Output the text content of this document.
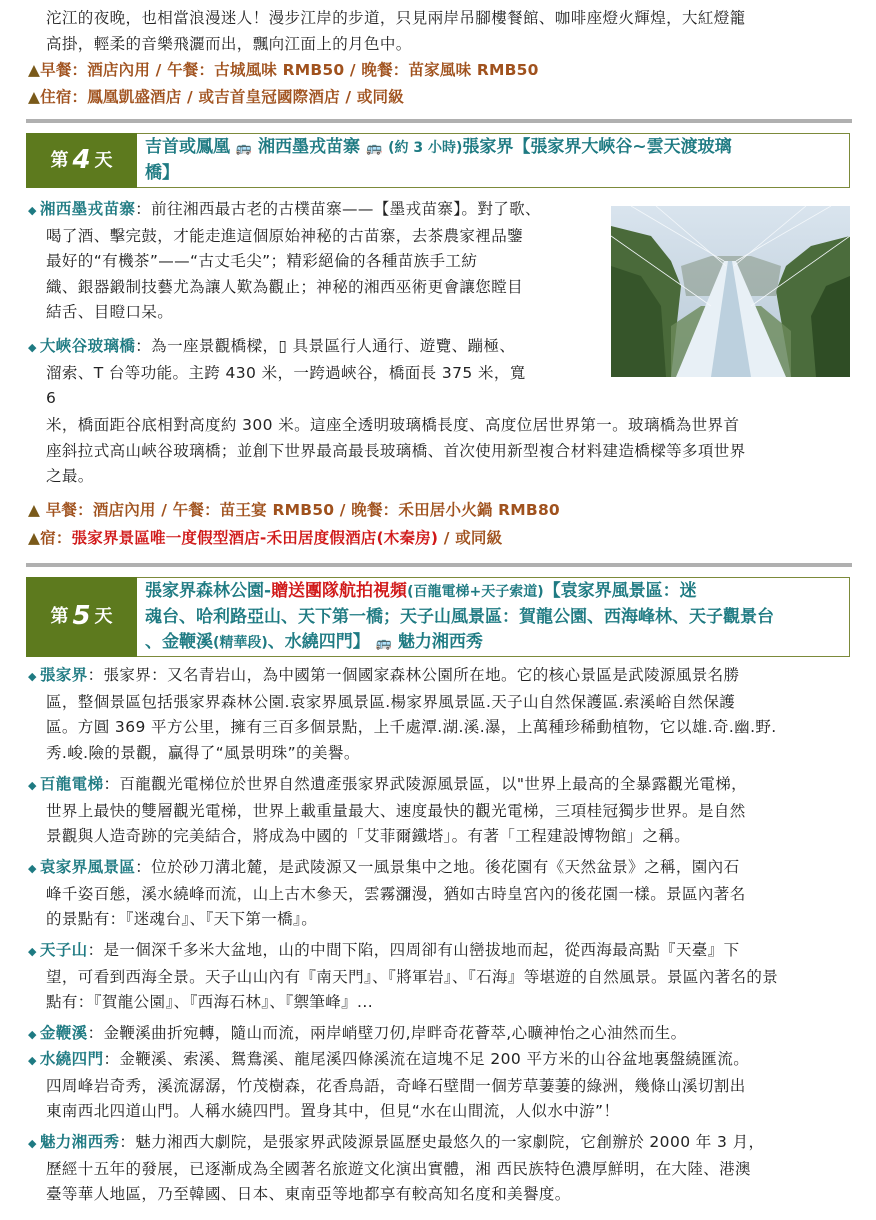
沱江的夜晚，也相當浪漫迷人！漫步江岸的步道，只見兩岸吊腳樓餐館、咖啡座燈火輝煌，大紅燈籠

高掛，輕柔的音樂飛灑而出，飄向江面上的月色中。

▲早餐：酒店內用 / 午餐：古城風味 RMB50 / 晚餐：苗家風味 RMB50

▲住宿：鳳凰凱盛酒店 / 或吉首皇冠國際酒店 / 或同級

第 4 天
吉首或鳳凰 🚌 湘西墨戎苗寨 🚌 (約 3 小時)張家界【張家界大峽谷~雲天渡玻璃
橋】
◆ 湘西墨戎苗寨：前往湘西最古老的古樸苗寨——【墨戎苗寨】。對了歌、
喝了酒、擊完鼓，才能走進這個原始神秘的古苗寨，去茶農家裡品鑒
最好的“有機茶”——“古丈毛尖”；精彩絕倫的各種苗族手工紡
織、銀器鍛制技藝尤為讓人歎為觀止；神秘的湘西巫術更會讓您瞠目
結舌、目瞪口呆。
◆ 大峽谷玻璃橋：為一座景觀橋樑，▯ 具景區行人通行、遊覽、蹦極、
溜索、T 台等功能。主跨 430 米，一跨過峽谷，橋面長 375 米，寬
6
米，橋面距谷底相對高度約 300 米。這座全透明玻璃橋長度、高度位居世界第一。玻璃橋為世界首
座斜拉式高山峽谷玻璃橋；並創下世界最高最長玻璃橋、首次使用新型複合材料建造橋樑等多項世界
之最。

▲ 早餐：酒店內用 / 午餐：苗王宴 RMB50 / 晚餐：禾田居小火鍋 RMB80

▲宿：張家界景區唯一度假型酒店-禾田居度假酒店(木秦房) / 或同級

第 5 天
張家界森林公園-贈送團隊航拍視頻(百龍電梯+天子索道)【袁家界風景區：迷
魂台、哈利路亞山、天下第一橋；天子山風景區：賀龍公園、西海峰林、天子觀景台
、金鞭溪(精華段)、水繞四門】 🚌 魅力湘西秀
◆ 張家界：張家界：又名青岩山，為中國第一個國家森林公園所在地。它的核心景區是武陵源風景名勝
區，整個景區包括張家界森林公園.袁家界風景區.楊家界風景區.天子山自然保護區.索溪峪自然保護
區。方圓 369 平方公里，擁有三百多個景點，上千處潭.湖.溪.瀑，上萬種珍稀動植物，它以雄.奇.幽.野.
秀.峻.險的景觀，贏得了“風景明珠”的美譽。
◆ 百龍電梯：百龍觀光電梯位於世界自然遺產張家界武陵源風景區，以"世界上最高的全暴露觀光電梯，
世界上最快的雙層觀光電梯，世界上載重量最大、速度最快的觀光電梯，三項桂冠獨步世界。是自然
景觀與人造奇跡的完美結合，將成為中國的「艾菲爾鐵塔」。有著「工程建設博物館」之稱。
◆ 袁家界風景區：位於砂刀溝北麓，是武陵源又一風景集中之地。後花園有《天然盆景》之稱，園內石
峰千姿百態，溪水繞峰而流，山上古木參天，雲霧瀰漫，猶如古時皇宮內的後花園一樣。景區內著名
的景點有：『迷魂台』、『天下第一橋』。
◆ 天子山：是一個深千多米大盆地，山的中間下陷，四周卻有山巒拔地而起，從西海最高點『天臺』下
望，可看到西海全景。天子山山內有『南天門』、『將軍岩』、『石海』等堪遊的自然風景。景區內著名的景
點有：『賀龍公園』、『西海石林』、『禦筆峰』...
◆ 金鞭溪：金鞭溪曲折宛轉，隨山而流，兩岸峭壁刀仞,岸畔奇花薈萃,心曠神怡之心油然而生。
◆ 水繞四門：金鞭溪、索溪、鴛鴦溪、龍尾溪四條溪流在這塊不足 200 平方米的山谷盆地裏盤繞匯流。
四周峰岩奇秀，溪流潺潺，竹茂樹森，花香鳥語，奇峰石壁間一個芳草萋萋的綠洲，幾條山溪切割出
東南西北四道山門。人稱水繞四門。置身其中，但見“水在山間流，人似水中游”！
◆ 魅力湘西秀：魅力湘西大劇院，是張家界武陵源景區歷史最悠久的一家劇院，它創辦於 2000 年 3 月，
歷經十五年的發展，已逐漸成為全國著名旅遊文化演出實體，湘 西民族特色濃厚鮮明，在大陸、港澳
臺等華人地區，乃至韓國、日本、東南亞等地都享有較高知名度和美譽度。
